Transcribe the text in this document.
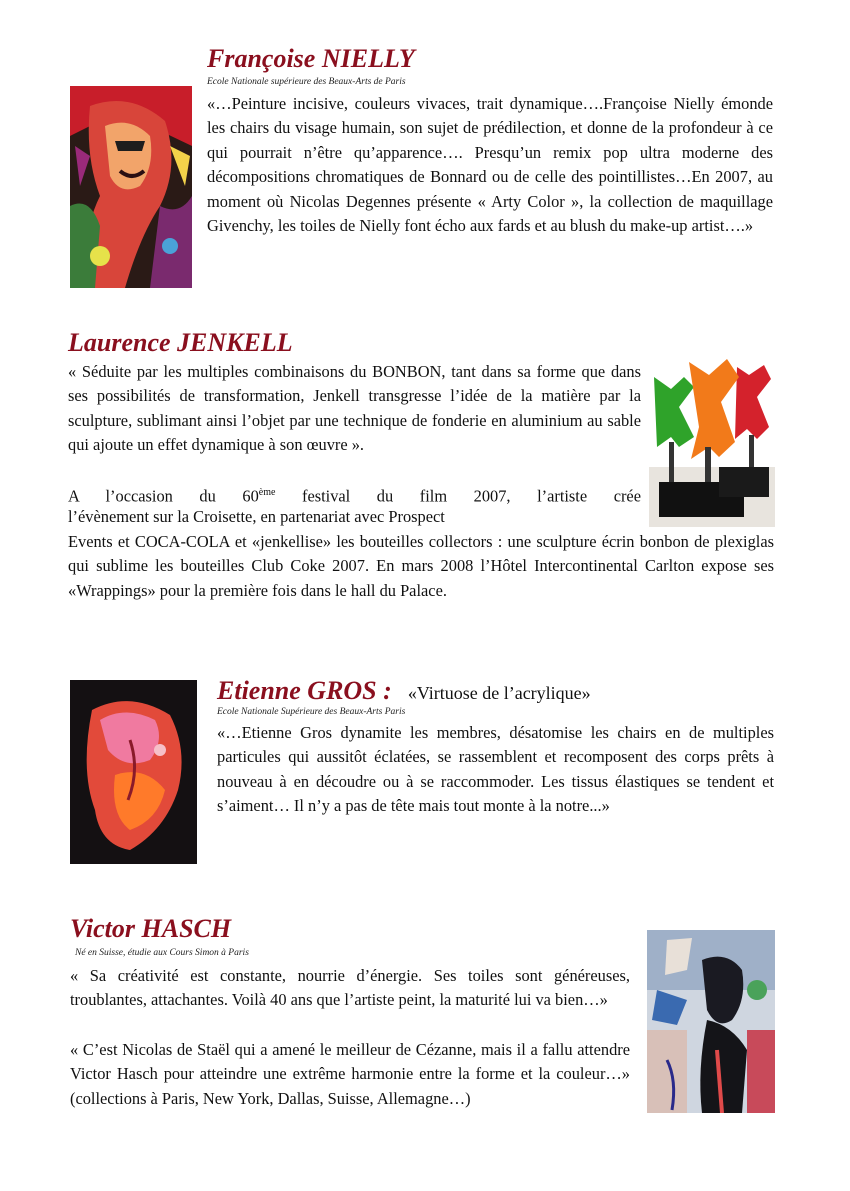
Françoise NIELLY

Ecole Nationale supérieure des Beaux-Arts de Paris

«…Peinture incisive, couleurs vivaces, trait dynamique….Françoise Nielly émonde les chairs du visage humain, son sujet de prédilection, et donne de la profondeur à ce qui pourrait n’être qu’apparence…. Presqu’un remix pop ultra moderne des décompositions chromatiques de Bonnard ou de celle des pointillistes…En 2007, au moment où Nicolas Degennes présente « Arty Color », la collection de maquillage Givenchy, les toiles de Nielly font écho aux fards et au blush du make-up artist….»

Laurence JENKELL

« Séduite par les multiples combinaisons du BONBON, tant dans sa forme que dans ses possibilités de transformation, Jenkell transgresse l’idée de la matière par la sculpture, sublimant ainsi l’objet par une technique de fonderie en aluminium au sable qui ajoute un effet dynamique à son œuvre ».

A l’occasion du 60ème festival du film 2007, l’artiste crée

l’évènement sur la Croisette, en partenariat avec Prospect

Events et COCA-COLA et «jenkellise» les bouteilles collectors : une sculpture écrin bonbon de plexiglas qui sublime les bouteilles Club Coke 2007. En mars 2008 l’Hôtel Intercontinental Carlton expose ses «Wrappings» pour la première fois dans le hall du Palace.

Etienne GROS : «Virtuose de l’acrylique»

Ecole Nationale Supérieure des Beaux-Arts Paris

«…Etienne Gros dynamite les membres, désatomise les chairs en de multiples particules qui aussitôt éclatées, se rassemblent et recomposent des corps prêts à nouveau à en découdre ou à se raccommoder. Les tissus élastiques se tendent et s’aiment… Il n’y a pas de tête mais tout monte à la notre...»

Victor HASCH

Né en Suisse, étudie aux Cours Simon à Paris

« Sa créativité est constante, nourrie d’énergie. Ses toiles sont généreuses, troublantes, attachantes. Voilà 40 ans que l’artiste peint, la maturité lui va bien…»

« C’est Nicolas de Staël qui a amené le meilleur de Cézanne, mais il a fallu attendre Victor Hasch pour atteindre une extrême harmonie entre la forme et la couleur…» (collections à Paris, New York, Dallas, Suisse, Allemagne…)
